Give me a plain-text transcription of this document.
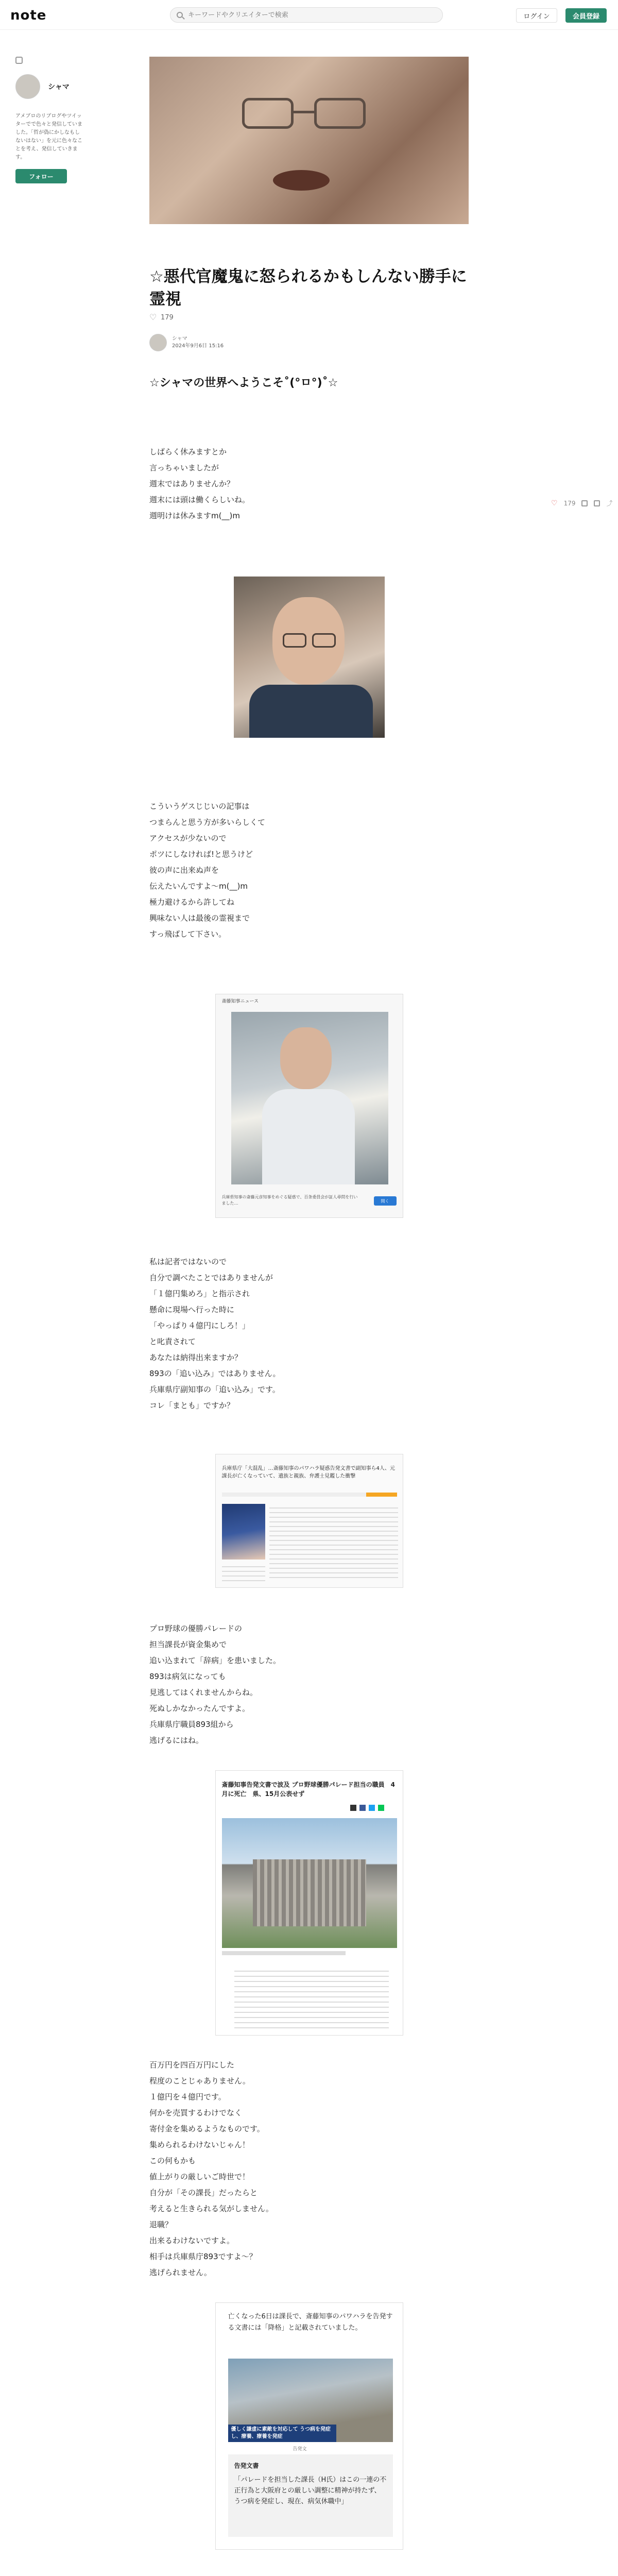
note
キーワードやクリエイターで検索	ログイン	会員登録
シャマ
アメブロのリブログやツイッターでで色々と発信していました。「哲が偽にかしなもしないはない」を元に色々なことを考え、発信していきます。
フォロー
♡ 179	⤴
☆悪代官魔鬼に怒られるかもしんない勝手に霊視
♡
179
シャマ
2024年9月6日 15:16
☆シャマの世界へようこそ˚(°ㅁ°)˚☆

しばらく休みますとか
言っちゃいましたが
週末ではありませんか？
週末には頭は働くらしいね。
週明けは休みますm(__)m

こういうゲスじじいの記事は
つまらんと思う方が多いらしくて
アクセスが少ないので
ポツにしなければ!と思うけど
彼の声に出来ぬ声を
伝えたいんですよ〜m(__)m
極力避けるから許してね
興味ない人は最後の霊視まで
すっ飛ばして下さい。

斎藤知事ニュース
兵庫県知事の斎藤元彦知事をめぐる疑惑で、百条委員会が証人尋問を行いました…	開く

私は記者ではないので
自分で調べたことではありませんが
「１億円集めろ」と指示され
懸命に現場へ行った時に
「やっぱり４億円にしろ！」
と叱責されて
あなたは納得出来ますか？
893の「追い込み」ではありません。
兵庫県庁副知事の「追い込み」です。
コレ「まとも」ですか？

兵庫県庁「大混乱」…斎藤知事のパワハラ疑惑告発文書で副知事ら4人、元課長が亡くなっていて、遺族と親族、弁護士見鑑した衝撃

プロ野球の優勝パレードの
担当課長が資金集めで
追い込まれて「辞病」を患いました。
893は病気になっても
見逃してはくれませんからね。
死ぬしかなかったんですよ。
兵庫県庁職員893組から
逃げるにはね。

斎藤知事告発文書で波及 プロ野球優勝パレード担当の職員　4月に死亡　県、15月公表せず

百万円を四百万円にした
程度のことじゃありません。
１億円を４億円です。
何かを売買するわけでなく
寄付金を集めるようなものです。
集められるわけないじゃん！
この何もかも
値上がりの厳しいご時世で！
自分が「その課長」だったらと
考えると生きられる気がしません。
退職？
出来るわけないですよ。
相手は兵庫県庁893ですよ〜？
逃げられません。

亡くなった6日は課長で、斎藤知事のパワハラを告発する文書には「降格」と記載されていました。
優しく謙虚に素敵を対応して うつ病を発症し、療養、療養を発症
告発文
告発文書
「パレードを担当した課長（H氏）はこの一連の不正行為と大阪府との厳しい調整に精神が持たず、うつ病を発症し、現在、病気休職中」
